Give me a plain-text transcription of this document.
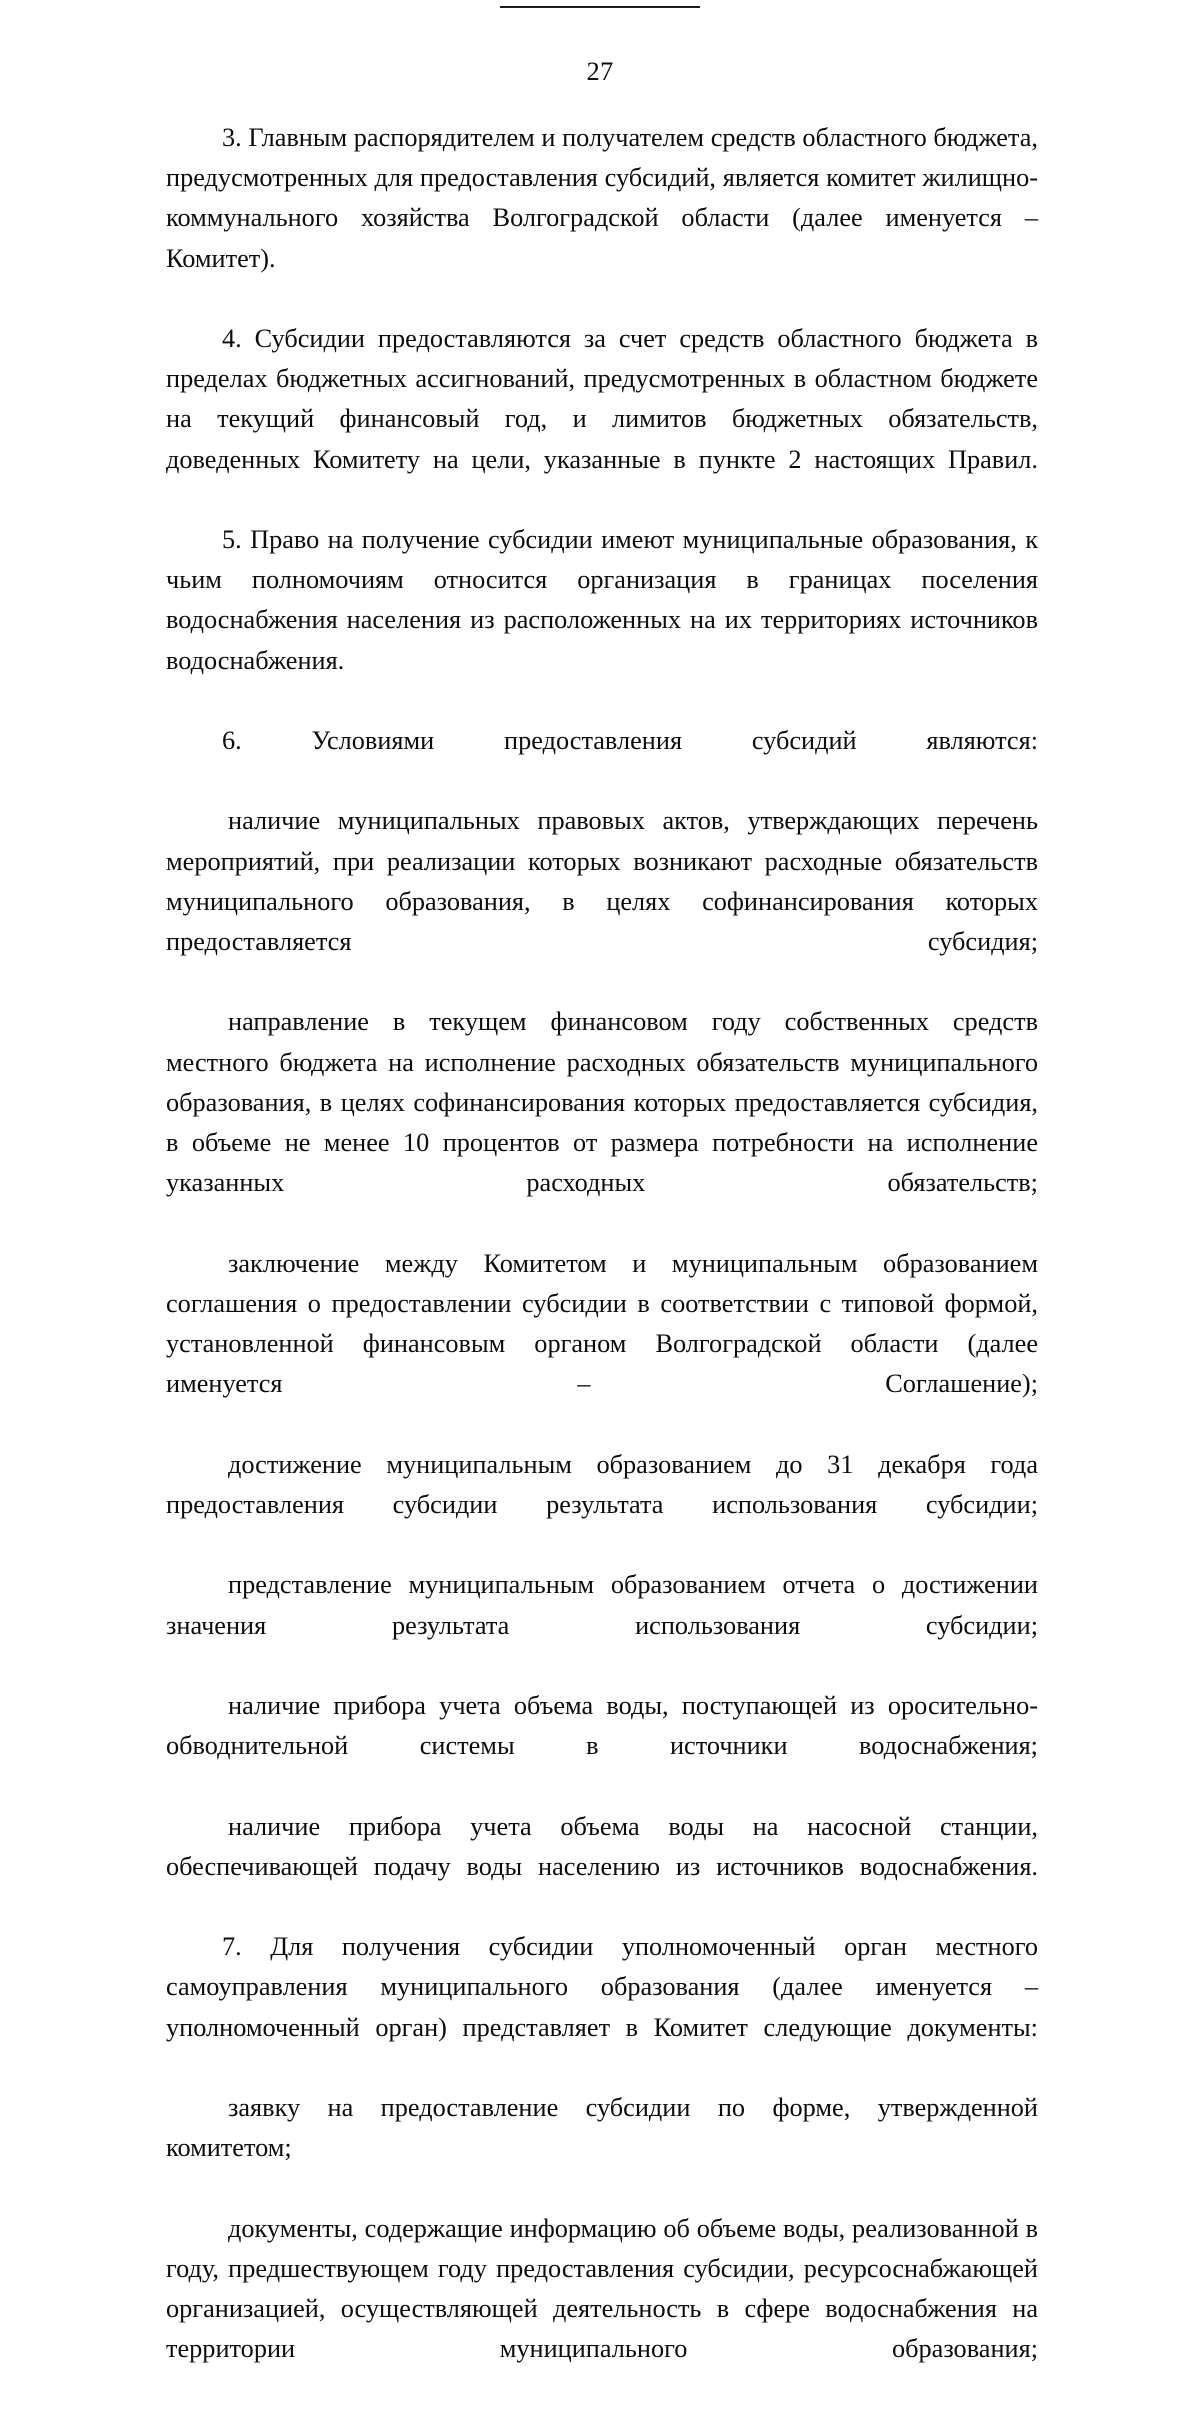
27

3. Главным распорядителем и получателем средств областного бюджета, предусмотренных для предоставления субсидий, является комитет жилищно-коммунального хозяйства Волгоградской области (далее именуется – Комитет).

4. Субсидии предоставляются за счет средств областного бюджета в пределах бюджетных ассигнований, предусмотренных в областном бюджете на текущий финансовый год, и лимитов бюджетных обязательств, доведенных Комитету на цели, указанные в пункте 2 настоящих Правил.

5. Право на получение субсидии имеют муниципальные образования, к чьим полномочиям относится организация в границах поселения водоснабжения населения из расположенных на их территориях источников водоснабжения.

6. Условиями предоставления субсидий являются:

наличие муниципальных правовых актов, утверждающих перечень мероприятий, при реализации которых возникают расходные обязательств муниципального образования, в целях софинансирования которых предоставляется субсидия;

направление в текущем финансовом году собственных средств местного бюджета на исполнение расходных обязательств муниципального образования, в целях софинансирования которых предоставляется субсидия, в объеме не менее 10 процентов от размера потребности на исполнение указанных расходных обязательств;

заключение между Комитетом и муниципальным образованием соглашения о предоставлении субсидии в соответствии с типовой формой, установленной финансовым органом Волгоградской области (далее именуется – Соглашение);

достижение муниципальным образованием до 31 декабря года предоставления субсидии результата использования субсидии;

представление муниципальным образованием отчета о достижении значения результата использования субсидии;

наличие прибора учета объема воды, поступающей из оросительно-обводнительной системы в источники водоснабжения;

наличие прибора учета объема воды на насосной станции, обеспечивающей подачу воды населению из источников водоснабжения.

7. Для получения субсидии уполномоченный орган местного самоуправления муниципального образования (далее именуется – уполномоченный орган) представляет в Комитет следующие документы:

заявку на предоставление субсидии по форме, утвержденной комитетом;

документы, содержащие информацию об объеме воды, реализованной в году, предшествующем году предоставления субсидии, ресурсоснабжающей организацией, осуществляющей деятельность в сфере водоснабжения на территории муниципального образования;
